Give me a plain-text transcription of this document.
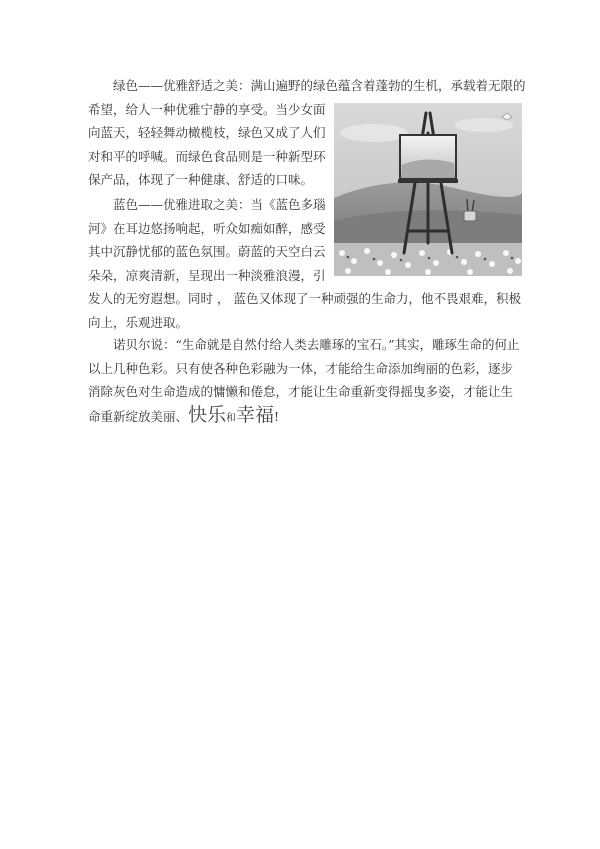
绿色——优雅舒适之美：满山遍野的绿色蕴含着蓬勃的生机，承载着无限的
希望，给人一种优雅宁静的享受。当少女面向蓝天，轻轻舞动橄榄枝，绿色又成了人们对和平的呼喊。而绿色食品则是一种新型环保产品，体现了一种健康、舒适的口味。
蓝色——优雅进取之美：当《蓝色多瑙河》在耳边悠扬响起，听众如痴如醉，感受其中沉静忧郁的蓝色氛围。蔚蓝的天空白云朵朵，凉爽清新，呈现出一种淡雅浪漫，引
发人的无穷遐想。同时 ， 蓝色又体现了一种顽强的生命力，他不畏艰难，积极
向上，乐观进取。
诺贝尔说：“生命就是自然付给人类去雕琢的宝石。”其实，雕琢生命的何止以上几种色彩。只有使各种色彩融为一体，才能给生命添加绚丽的色彩，逐步消除灰色对生命造成的慵懒和倦怠，才能让生命重新变得摇曳多姿，才能让生命重新绽放美丽、快乐和幸福!
